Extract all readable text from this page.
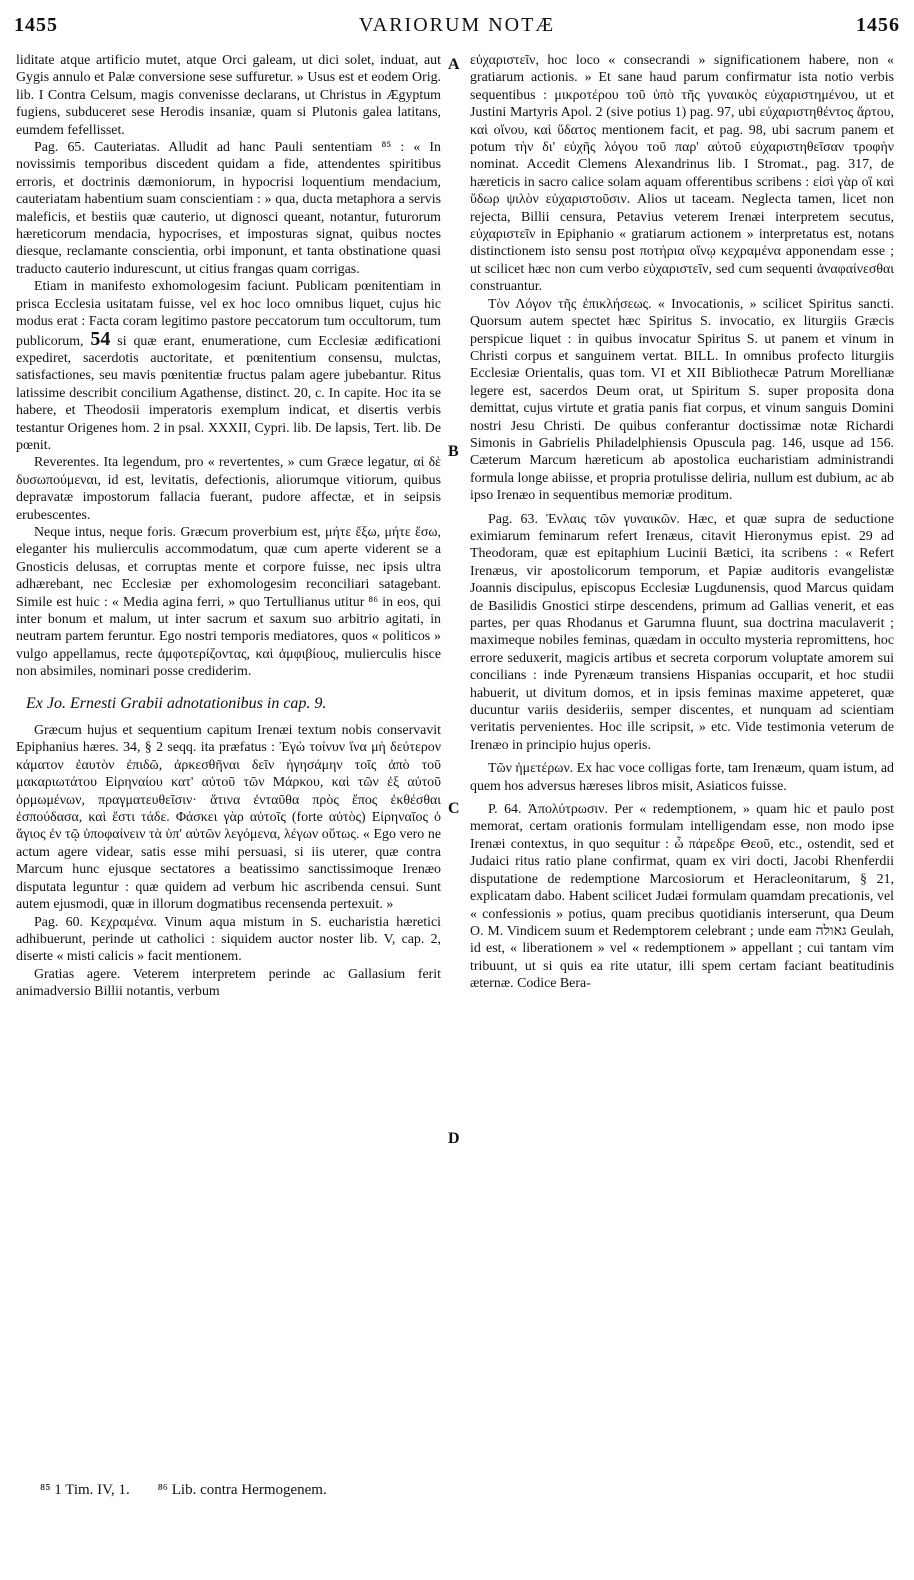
1455	VARIORUM NOTÆ	1456

liditate atque artificio mutet, atque Orci galeam, ut dici solet, induat, aut Gygis annulo et Palæ conversione sese suffuretur. » Usus est et eodem Orig. lib. I Contra Celsum, magis convenisse declarans, ut Christus in Ægyptum fugiens, subduceret sese Herodis insaniæ, quam si Plutonis galea latitans, eumdem fefellisset.

Pag. 65. Cauteriatas. Alludit ad hanc Pauli sententiam ⁸⁵ : « In novissimis temporibus discedent quidam a fide, attendentes spiritibus erroris, et doctrinis dæmoniorum, in hypocrisi loquentium mendacium, cauteriatam habentium suam conscientiam : » qua, ducta metaphora a servis maleficis, et bestiis quæ cauterio, ut dignosci queant, notantur, futurorum hæreticorum mendacia, hypocrises, et imposturas signat, quibus noctes diesque, reclamante conscientia, orbi imponunt, et tanta obstinatione quasi traducto cauterio indurescunt, ut citius frangas quam corrigas.

Etiam in manifesto exhomologesim faciunt. Publicam pœnitentiam in prisca Ecclesia usitatam fuisse, vel ex hoc loco omnibus liquet, cujus hic modus erat : Facta coram legitimo pastore peccatorum tum occultorum, tum publicorum, 54 si quæ erant, enumeratione, cum Ecclesiæ ædificationi expediret, sacerdotis auctoritate, et pœnitentium consensu, mulctas, satisfactiones, seu mavis pœnitentiæ fructus palam agere jubebantur. Ritus latissime describit concilium Agathense, distinct. 20, c. In capite. Hoc ita se habere, et Theodosii imperatoris exemplum indicat, et disertis verbis testantur Origenes hom. 2 in psal. XXXII, Cypri. lib. De lapsis, Tert. lib. De pœnit.

Reverentes. Ita legendum, pro « revertentes, » cum Græce legatur, αἱ δὲ δυσωπούμεναι, id est, levitatis, defectionis, aliorumque vitiorum, quibus depravatæ impostorum fallacia fuerant, pudore affectæ, et in seipsis erubescentes.

Neque intus, neque foris. Græcum proverbium est, μήτε ἔξω, μήτε ἔσω, eleganter his mulierculis accommodatum, quæ cum aperte viderent se a Gnosticis delusas, et corruptas mente et corpore fuisse, nec ipsis ultra adhærebant, nec Ecclesiæ per exhomologesim reconciliari satagebant. Simile est huic : « Media agina ferri, » quo Tertullianus utitur ⁸⁶ in eos, qui inter bonum et malum, ut inter sacrum et saxum suo arbitrio agitati, in neutram partem feruntur. Ego nostri temporis mediatores, quos « politicos » vulgo appellamus, recte ἀμφοτερίζοντας, καὶ ἀμφιβίους, mulierculis hisce non absimiles, nominari posse crediderim.

Ex Jo. Ernesti Grabii adnotationibus in cap. 9.

Græcum hujus et sequentium capitum Irenæi textum nobis conservavit Epiphanius hæres. 34, § 2 seqq. ita præfatus : Ἐγὼ τοίνυν ἵνα μὴ δεύτερον κάματον ἐαυτὸν ἐπιδῶ, ἀρκεσθῆναι δεῖν ἡγησάμην τοῖς ἀπὸ τοῦ μακαριωτάτου Εἰρηναίου κατ' αὐτοῦ τῶν Μάρκου, καὶ τῶν ἐξ αὐτοῦ ὁρμωμένων, πραγματευθεῖσιν· ἅτινα ἐνταῦθα πρὸς ἔπος ἐκθέσθαι ἐσπούδασα, καὶ ἔστι τάδε. Φάσκει γὰρ αὐτοῖς (forte αὐτὸς) Εἰρηναῖος ὁ ἅγιος ἐν τῷ ὑποφαίνειν τὰ ὑπ' αὐτῶν λεγόμενα, λέγων οὕτως. « Ego vero ne actum agere videar, satis esse mihi persuasi, si iis uterer, quæ contra Marcum hunc ejusque sectatores a beatissimo sanctissimoque Irenæo disputata leguntur : quæ quidem ad verbum hic ascribenda censui. Sunt autem ejusmodi, quæ in illorum dogmatibus recensenda pertexuit. »

Pag. 60. Κεχραμένα. Vinum aqua mistum in S. eucharistia hæretici adhibuerunt, perinde ut catholici : siquidem auctor noster lib. V, cap. 2, diserte « misti calicis » facit mentionem.

Gratias agere. Veterem interpretem perinde ac Gallasium ferit animadversio Billii notantis, verbum

A
B
C
D

εὐχαριστεῖν, hoc loco « consecrandi » significationem habere, non « gratiarum actionis. » Et sane haud parum confirmatur ista notio verbis sequentibus : μικροτέρου τοῦ ὑπὸ τῆς γυναικὸς εὐχαριστημένου, ut et Justini Martyris Apol. 2 (sive potius 1) pag. 97, ubi εὐχαριστηθέντος ἄρτου, καὶ οἴνου, καὶ ὕδατος mentionem facit, et pag. 98, ubi sacrum panem et potum τὴν δι' εὐχῆς λόγου τοῦ παρ' αὐτοῦ εὐχαριστηθεῖσαν τροφὴν nominat. Accedit Clemens Alexandrinus lib. I Stromat., pag. 317, de hæreticis in sacro calice solam aquam offerentibus scribens : εἰσὶ γὰρ οἳ καὶ ὕδωρ ψιλὸν εὐχαριστοῦσιν. Alios ut taceam. Neglecta tamen, licet non rejecta, Billii censura, Petavius veterem Irenæi interpretem secutus, εὐχαριστεῖν in Epiphanio « gratiarum actionem » interpretatus est, notans distinctionem isto sensu post ποτήρια οἴνῳ κεχραμένα apponendam esse ; ut scilicet hæc non cum verbo εὐχαριστεῖν, sed cum sequenti ἀναφαίνεσθαι construantur.

Τὸν Λόγον τῆς ἐπικλήσεως. « Invocationis, » scilicet Spiritus sancti. Quorsum autem spectet hæc Spiritus S. invocatio, ex liturgiis Græcis perspicue liquet : in quibus invocatur Spiritus S. ut panem et vinum in Christi corpus et sanguinem vertat. BILL. In omnibus profecto liturgiis Ecclesiæ Orientalis, quas tom. VI et XII Bibliothecæ Patrum Morellianæ legere est, sacerdos Deum orat, ut Spiritum S. super proposita dona demittat, cujus virtute et gratia panis fiat corpus, et vinum sanguis Domini nostri Jesu Christi. De quibus conferantur doctissimæ notæ Richardi Simonis in Gabrielis Philadelphiensis Opuscula pag. 146, usque ad 156. Cæterum Marcum hæreticum ab apostolica eucharistiam administrandi formula longe abiisse, et propria protulisse deliria, nullum est dubium, ac ab ipso Irenæo in sequentibus memoriæ proditum.

Pag. 63. Ἐνλαις τῶν γυναικῶν. Hæc, et quæ supra de seductione eximiarum feminarum refert Irenæus, citavit Hieronymus epist. 29 ad Theodoram, quæ est epitaphium Lucinii Bætici, ita scribens : « Refert Irenæus, vir apostolicorum temporum, et Papiæ auditoris evangelistæ Joannis discipulus, episcopus Ecclesiæ Lugdunensis, quod Marcus quidam de Basilidis Gnostici stirpe descendens, primum ad Gallias venerit, et eas partes, per quas Rhodanus et Garumna fluunt, sua doctrina maculaverit ; maximeque nobiles feminas, quædam in occulto mysteria repromittens, hoc errore seduxerit, magicis artibus et secreta corporum voluptate amorem sui concilians : inde Pyrenæum transiens Hispanias occuparit, et hoc studii habuerit, ut divitum domos, et in ipsis feminas maxime appeteret, quæ ducuntur variis desideriis, semper discentes, et nunquam ad scientiam veritatis pervenientes. Hoc ille scripsit, » etc. Vide testimonia veterum de Irenæo in principio hujus operis.

Τῶν ἡμετέρων. Ex hac voce colligas forte, tam Irenæum, quam istum, ad quem hos adversus hæreses libros misit, Asiaticos fuisse.

P. 64. Ἀπολύτρωσιν. Per « redemptionem, » quam hic et paulo post memorat, certam orationis formulam intelligendam esse, non modo ipse Irenæi contextus, in quo sequitur : ὦ πάρεδρε Θεοῦ, etc., ostendit, sed et Judaici ritus ratio plane confirmat, quam ex viri docti, Jacobi Rhenferdii disputatione de redemptione Marcosiorum et Heracleonitarum, § 21, explicatam dabo. Habent scilicet Judæi formulam quamdam precationis, vel « confessionis » potius, quam precibus quotidianis interserunt, qua Deum O. M. Vindicem suum et Redemptorem celebrant ; unde eam גאולה Geulah, id est, « liberationem » vel « redemptionem » appellant ; cui tantam vim tribuunt, ut si quis ea rite utatur, illi spem certam faciant beatitudinis æternæ. Codice Bera-

⁸⁵ 1 Tim. IV, 1. ⁸⁶ Lib. contra Hermogenem.
